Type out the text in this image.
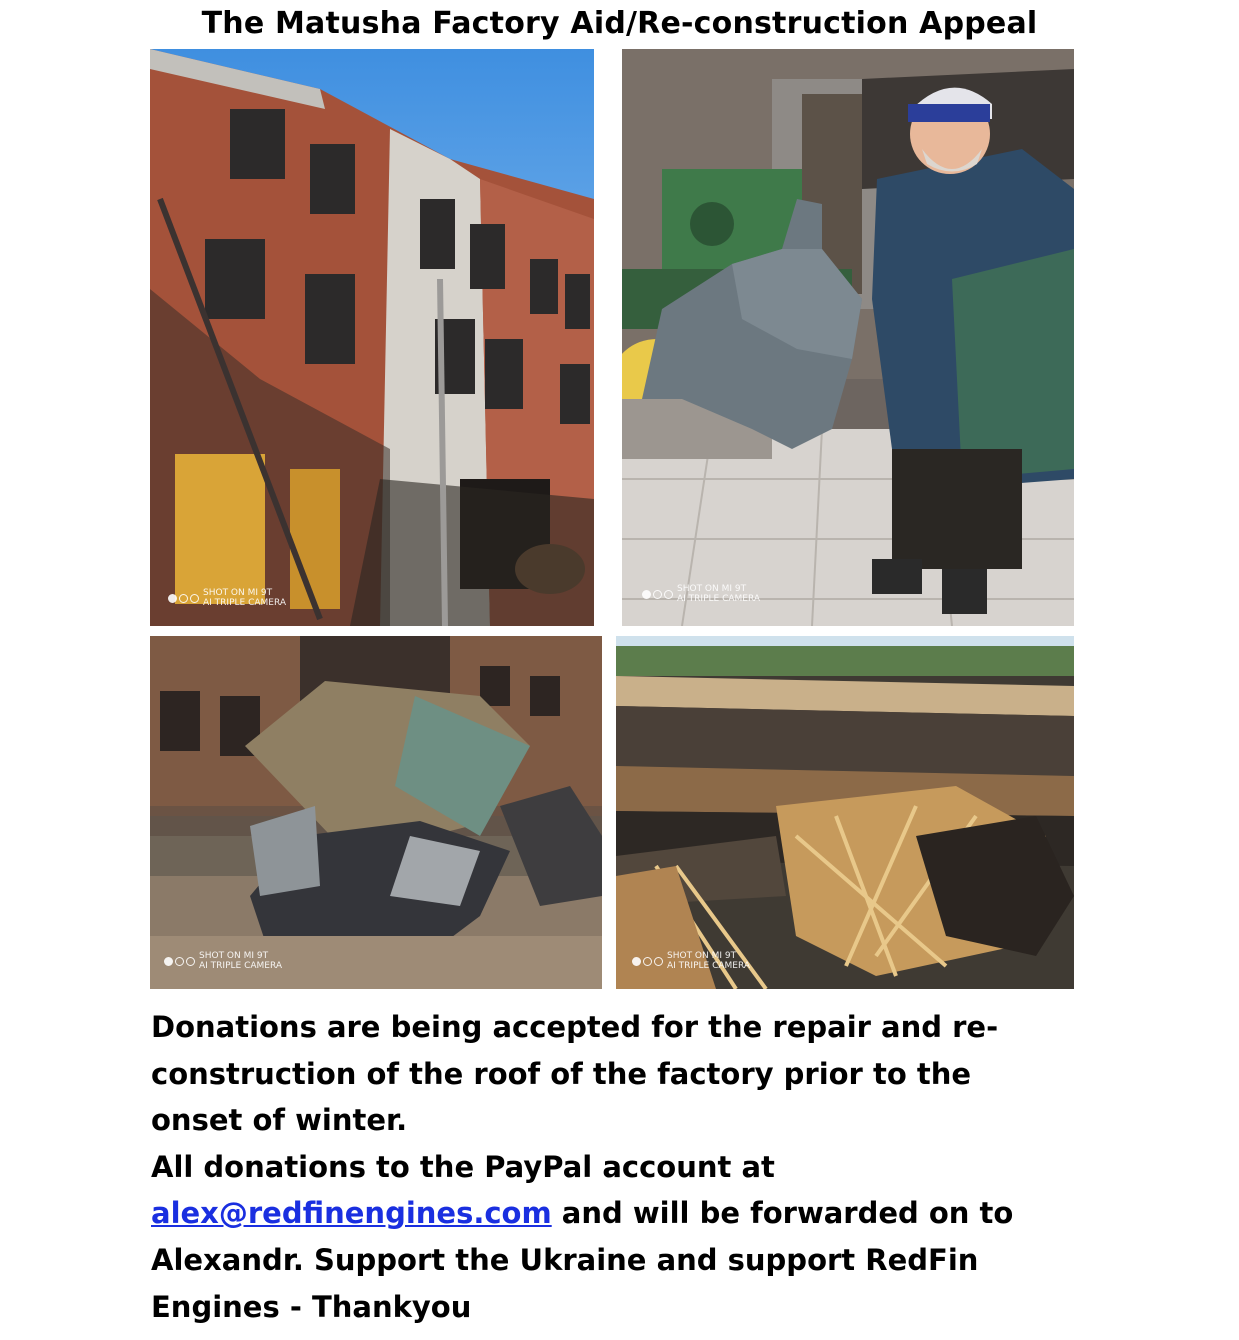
The Matusha Factory Aid/Re-construction Appeal
SHOT ON MI 9T
AI TRIPLE CAMERA
SHOT ON MI 9T
AI TRIPLE CAMERA
SHOT ON MI 9T
AI TRIPLE CAMERA
SHOT ON MI 9T
AI TRIPLE CAMERA

Donations are being accepted for the repair and re-construction of the roof of the factory prior to the onset of winter.

All donations to the PayPal account at
alex@redfinengines.com and will be forwarded on to Alexandr. Support the Ukraine and support RedFin Engines - Thankyou
